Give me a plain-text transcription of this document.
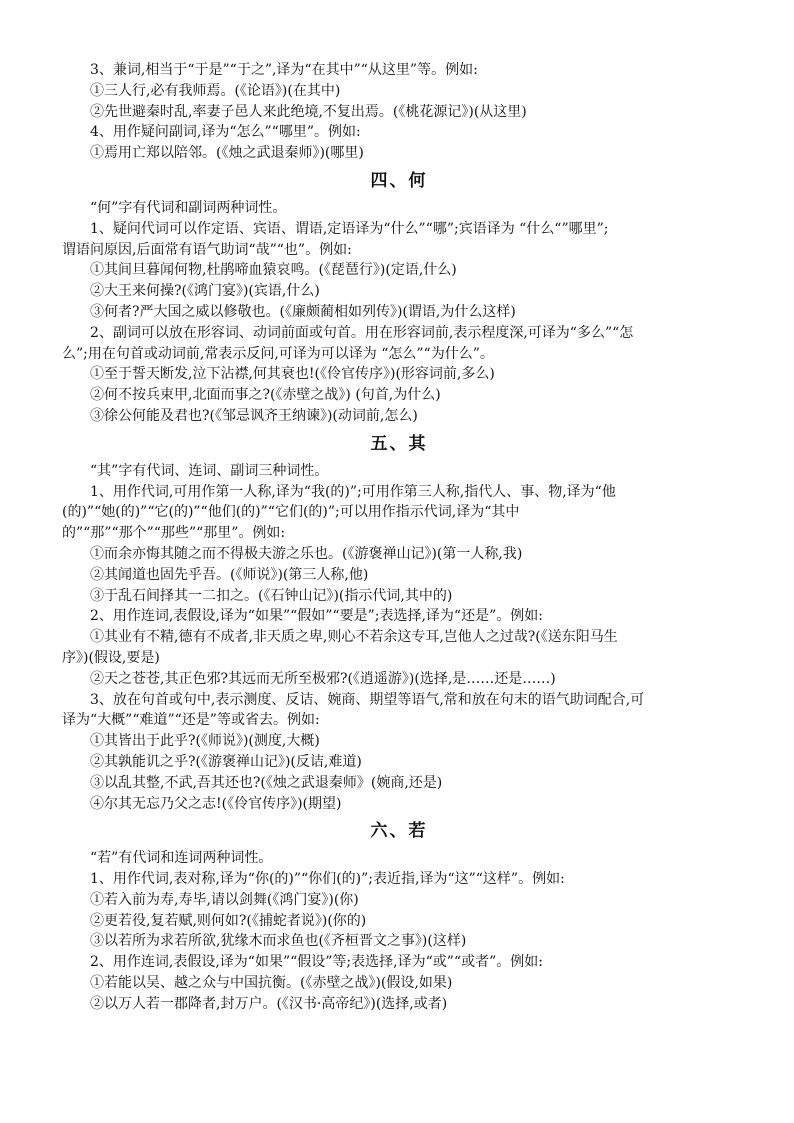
3、兼词,相当于“于是”“于之”,译为“在其中”“从这里”等。例如:
①三人行,必有我师焉。(《论语》)(在其中)
②先世避秦时乱,率妻子邑人来此绝境,不复出焉。(《桃花源记》)(从这里)
4、用作疑问副词,译为“怎么”“哪里”。例如:
①焉用亡郑以陪邻。(《烛之武退秦师》)(哪里)
四、何
“何”字有代词和副词两种词性。
1、疑问代词可以作定语、宾语、谓语,定语译为“什么”“哪”;宾语译为 “什么“”哪里”;
谓语问原因,后面常有语气助词“哉”“也”。例如:
①其间旦暮闻何物,杜鹃啼血猿哀鸣。(《琵琶行》)(定语,什么)
②大王来何操?(《鸿门宴》)(宾语,什么)
③何者?严大国之威以修敬也。(《廉颇蔺相如列传》)(谓语,为什么这样)
2、副词可以放在形容词、动词前面或句首。用在形容词前,表示程度深,可译为“多么”“怎
么”;用在句首或动词前,常表示反问,可译为可以译为 “怎么”“为什么”。
①至于誓天断发,泣下沾襟,何其衰也!(《伶官传序》)(形容词前,多么)
②何不按兵束甲,北面而事之?(《赤壁之战》) (句首,为什么)
③徐公何能及君也?(《邹忌讽齐王纳谏》)(动词前,怎么)
五、其
“其”字有代词、连词、副词三种词性。
1、用作代词,可用作第一人称,译为“我(的)”;可用作第三人称,指代人、事、物,译为“他
(的)”“她(的)”“它(的)”“他们(的)”“它们(的)”;可以用作指示代词,译为“其中
的”“那”“那个”“那些”“那里”。例如:
①而余亦悔其随之而不得极夫游之乐也。(《游褒禅山记》)(第一人称,我)
②其闻道也固先乎吾。(《师说》)(第三人称,他)
③于乱石间择其一二扣之。(《石钟山记》)(指示代词,其中的)
2、用作连词,表假设,译为“如果”“假如”“要是”;表选择,译为“还是”。例如:
①其业有不精,德有不成者,非天质之卑,则心不若余这专耳,岂他人之过哉?(《送东阳马生
序》)(假设,要是)
②天之苍苍,其正色邪?其远而无所至极邪?(《逍遥游》)(选择,是……还是……)
3、放在句首或句中,表示测度、反诘、婉商、期望等语气,常和放在句末的语气助词配合,可
译为“大概”“难道”“还是”等或省去。例如:
①其皆出于此乎?(《师说》)(测度,大概)
②其孰能讥之乎?(《游褒禅山记》)(反诘,难道)
③以乱其整,不武,吾其还也?(《烛之武退秦师》(婉商,还是)
④尔其无忘乃父之志!(《伶官传序》)(期望)
六、若
“若”有代词和连词两种词性。
1、用作代词,表对称,译为“你(的)”“你们(的)”;表近指,译为“这”“这样”。例如:
①若入前为寿,寿毕,请以剑舞(《鸿门宴》)(你)
②更若役,复若赋,则何如?(《捕蛇者说》)(你的)
③以若所为求若所欲,犹缘木而求鱼也(《齐桓晋文之事》)(这样)
2、用作连词,表假设,译为“如果”“假设”等;表选择,译为“或”“或者”。例如:
①若能以吴、越之众与中国抗衡。(《赤壁之战》)(假设,如果)
②以万人若一郡降者,封万户。(《汉书·高帝纪》)(选择,或者)
